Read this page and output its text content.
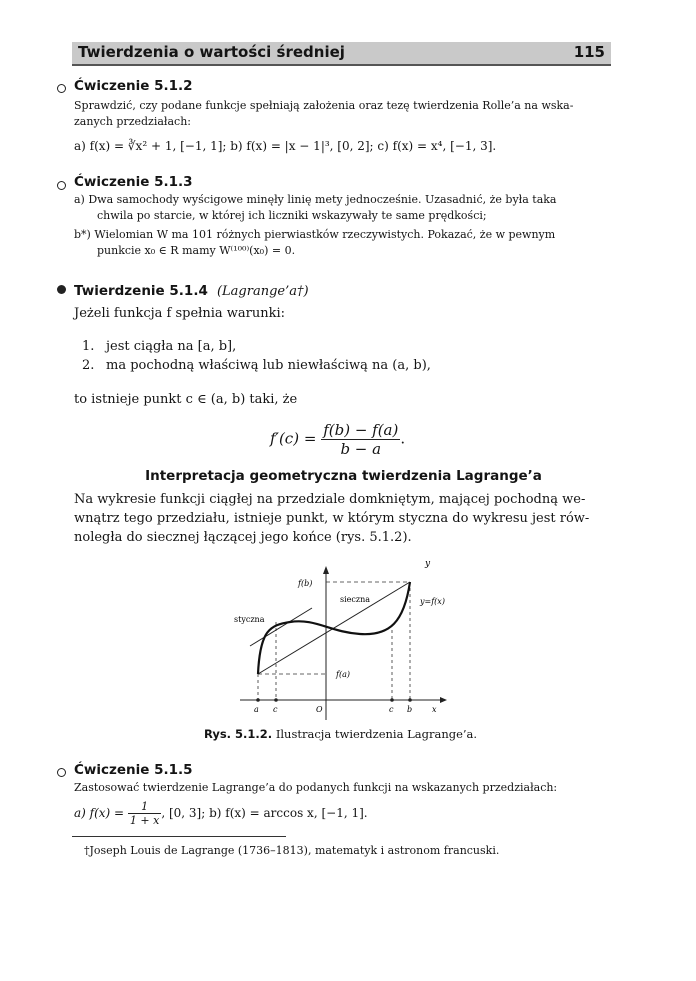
Twierdzenia o wartości średniej	115
Ćwiczenie 5.1.2
Sprawdzić, czy podane funkcje spełniają założenia oraz tezę twierdzenia Rolle’a na wska-
zanych przedziałach:
a) f(x) = ∛x² + 1, [−1, 1]; b) f(x) = |x − 1|³, [0, 2]; c) f(x) = x⁴, [−1, 3].
Ćwiczenie 5.1.3
a) Dwa samochody wyścigowe minęły linię mety jednocześnie. Uzasadnić, że była taka
chwila po starcie, w której ich liczniki wskazywały te same prędkości;
b*) Wielomian W ma 101 różnych pierwiastków rzeczywistych. Pokazać, że w pewnym
punkcie x₀ ∈ R mamy W⁽¹⁰⁰⁾(x₀) = 0.
Twierdzenie 5.1.4 (Lagrange’a†)
Jeżeli funkcja f spełnia warunki:
1. jest ciągła na [a, b],
2. ma pochodną właściwą lub niewłaściwą na (a, b),
to istnieje punkt c ∈ (a, b) taki, że
$f'(c) = \frac{f(b) - f(a)}{b - a}$ .
Interpretacja geometryczna twierdzenia Lagrange’a
Na wykresie funkcji ciągłej na przedziale domkniętym, mającej pochodną we-
wnątrz tego przedziału, istnieje punkt, w którym styczna do wykresu jest rów-
noległa do siecznej łączącej jego końce (rys. 5.1.2).
y
f(b)
sieczna	y=f(x)
styczna
f(a)
a c	O	c b x
Rys. 5.1.2. Ilustracja twierdzenia Lagrange’a.
Ćwiczenie 5.1.5
Zastosować twierdzenie Lagrange’a do podanych funkcji na wskazanych przedziałach:
a) $f(x) = \frac{1}{1 + x}$ , [0, 3]; b) f(x) = arccos x, [−1, 1].
†Joseph Louis de Lagrange (1736–1813), matematyk i astronom francuski.
